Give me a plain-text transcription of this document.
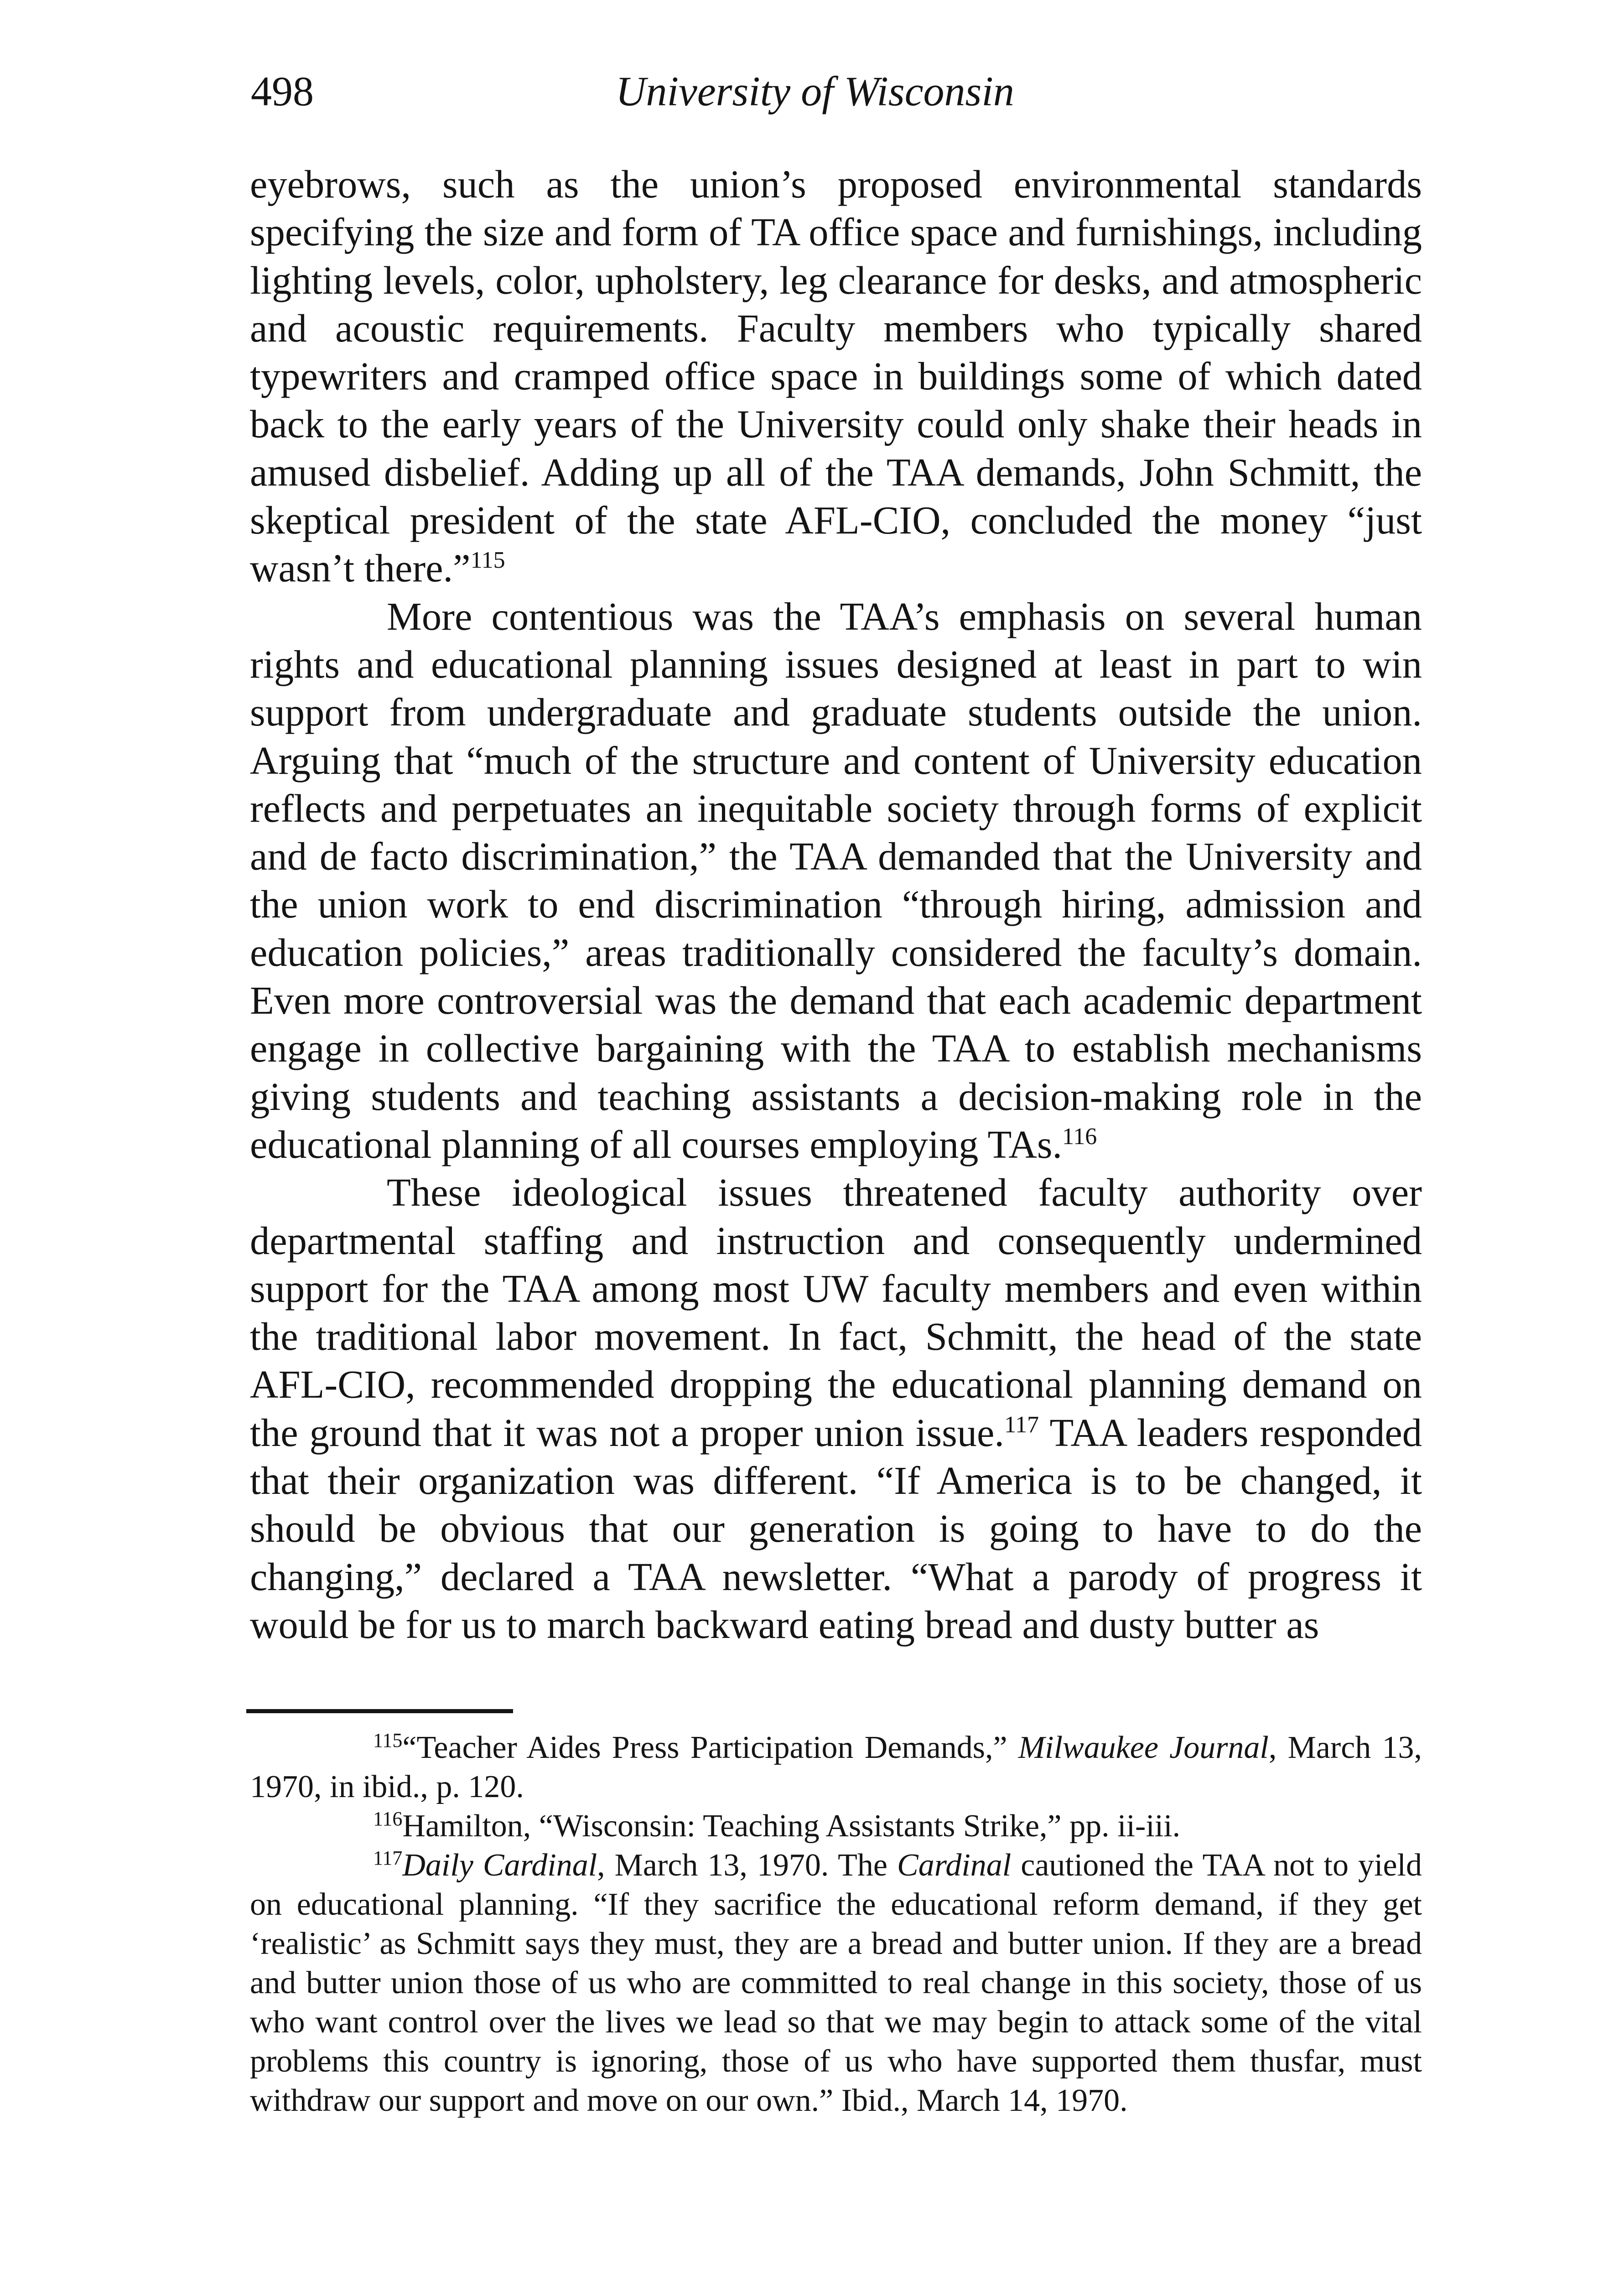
498	University of Wisconsin

eyebrows, such as the union’s proposed environmental standards specifying the size and form of TA office space and furnishings, including lighting levels, color, upholstery, leg clearance for desks, and atmospheric and acoustic requirements. Faculty members who typically shared typewriters and cramped office space in buildings some of which dated back to the early years of the University could only shake their heads in amused disbelief. Adding up all of the TAA demands, John Schmitt, the skeptical president of the state AFL-CIO, concluded the money “just wasn’t there.”$^{115}$

More contentious was the TAA’s emphasis on several human rights and educational planning issues designed at least in part to win support from undergraduate and graduate students outside the union. Arguing that “much of the structure and content of University education reflects and perpetuates an inequitable society through forms of explicit and de facto discrimination,” the TAA demanded that the University and the union work to end discrimination “through hiring, admission and education policies,” areas traditionally considered the faculty’s domain. Even more controversial was the demand that each academic department engage in collective bargaining with the TAA to establish mechanisms giving students and teaching assistants a decision-making role in the educational planning of all courses employing TAs.$^{116}$

These ideological issues threatened faculty authority over departmental staffing and instruction and consequently undermined support for the TAA among most UW faculty members and even within the traditional labor movement. In fact, Schmitt, the head of the state AFL-CIO, recommended dropping the educational planning demand on the ground that it was not a proper union issue.$^{117}$ TAA leaders responded that their organization was different. “If America is to be changed, it should be obvious that our generation is going to have to do the changing,” declared a TAA newsletter. “What a parody of progress it would be for us to march backward eating bread and dusty butter as

$^{115}$“Teacher Aides Press Participation Demands,” Milwaukee Journal, March 13, 1970, in ibid., p. 120.

$^{116}$Hamilton, “Wisconsin: Teaching Assistants Strike,” pp. ii-iii.

$^{117}$Daily Cardinal, March 13, 1970. The Cardinal cautioned the TAA not to yield on educational planning. “If they sacrifice the educational reform demand, if they get ‘realistic’ as Schmitt says they must, they are a bread and butter union. If they are a bread and butter union those of us who are committed to real change in this society, those of us who want control over the lives we lead so that we may begin to attack some of the vital problems this country is ignoring, those of us who have supported them thusfar, must withdraw our support and move on our own.” Ibid., March 14, 1970.
